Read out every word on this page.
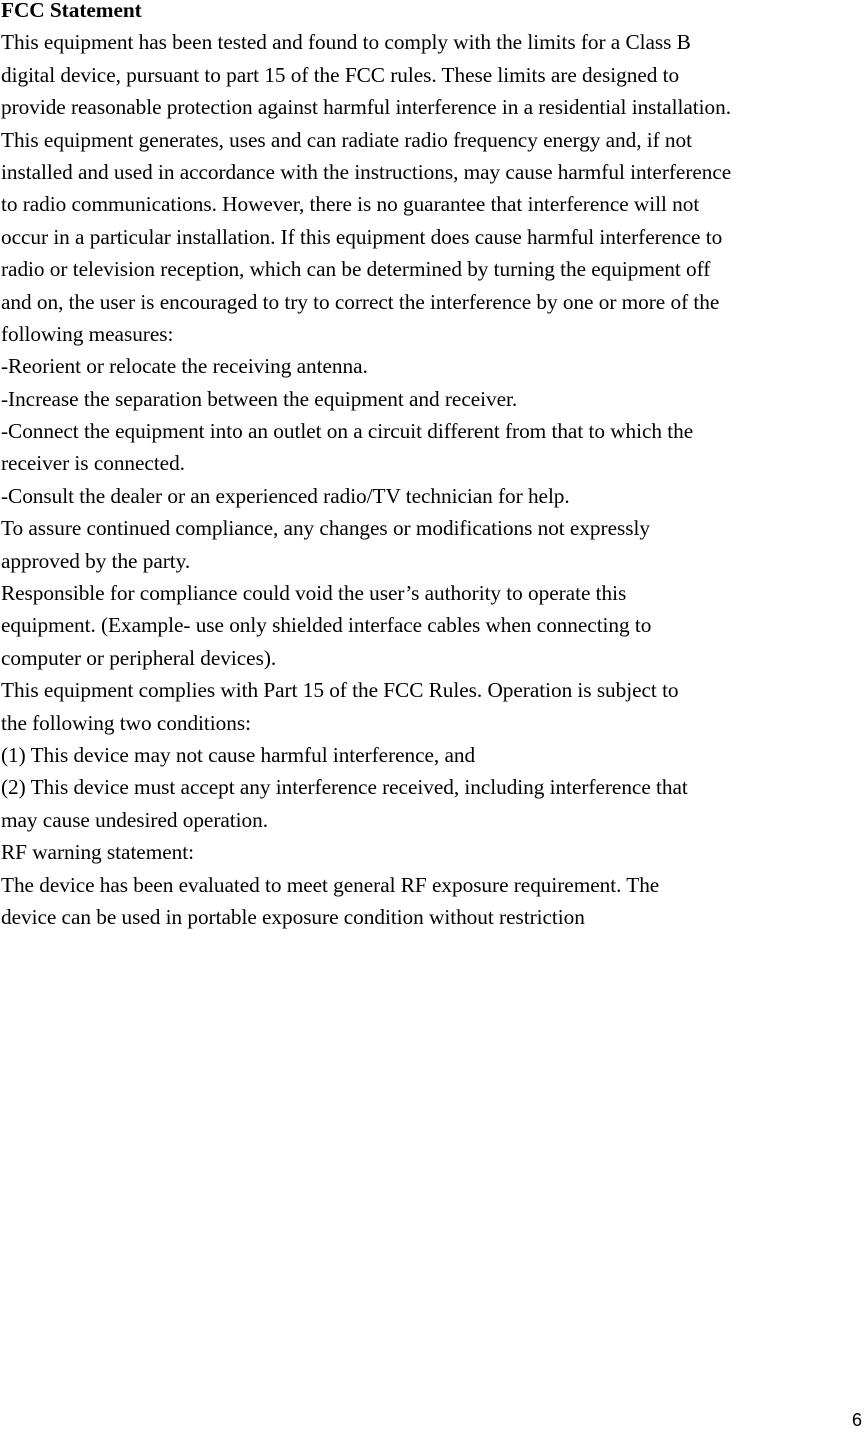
FCC Statement
This equipment has been tested and found to comply with the limits for a Class B
digital device, pursuant to part 15 of the FCC rules. These limits are designed to
provide reasonable protection against harmful interference in a residential installation.
This equipment generates, uses and can radiate radio frequency energy and, if not
installed and used in accordance with the instructions, may cause harmful interference
to radio communications. However, there is no guarantee that interference will not
occur in a particular installation. If this equipment does cause harmful interference to
radio or television reception, which can be determined by turning the equipment off
and on, the user is encouraged to try to correct the interference by one or more of the
following measures:
-Reorient or relocate the receiving antenna.
-Increase the separation between the equipment and receiver.
-Connect the equipment into an outlet on a circuit different from that to which the
receiver is connected.
-Consult the dealer or an experienced radio/TV technician for help.
To assure continued compliance, any changes or modifications not expressly
approved by the party.
Responsible for compliance could void the user’s authority to operate this
equipment. (Example- use only shielded interface cables when connecting to
computer or peripheral devices).
This equipment complies with Part 15 of the FCC Rules. Operation is subject to
the following two conditions:
(1) This device may not cause harmful interference, and
(2) This device must accept any interference received, including interference that
may cause undesired operation.
RF warning statement:
The device has been evaluated to meet general RF exposure requirement. The
device can be used in portable exposure condition without restriction
6
